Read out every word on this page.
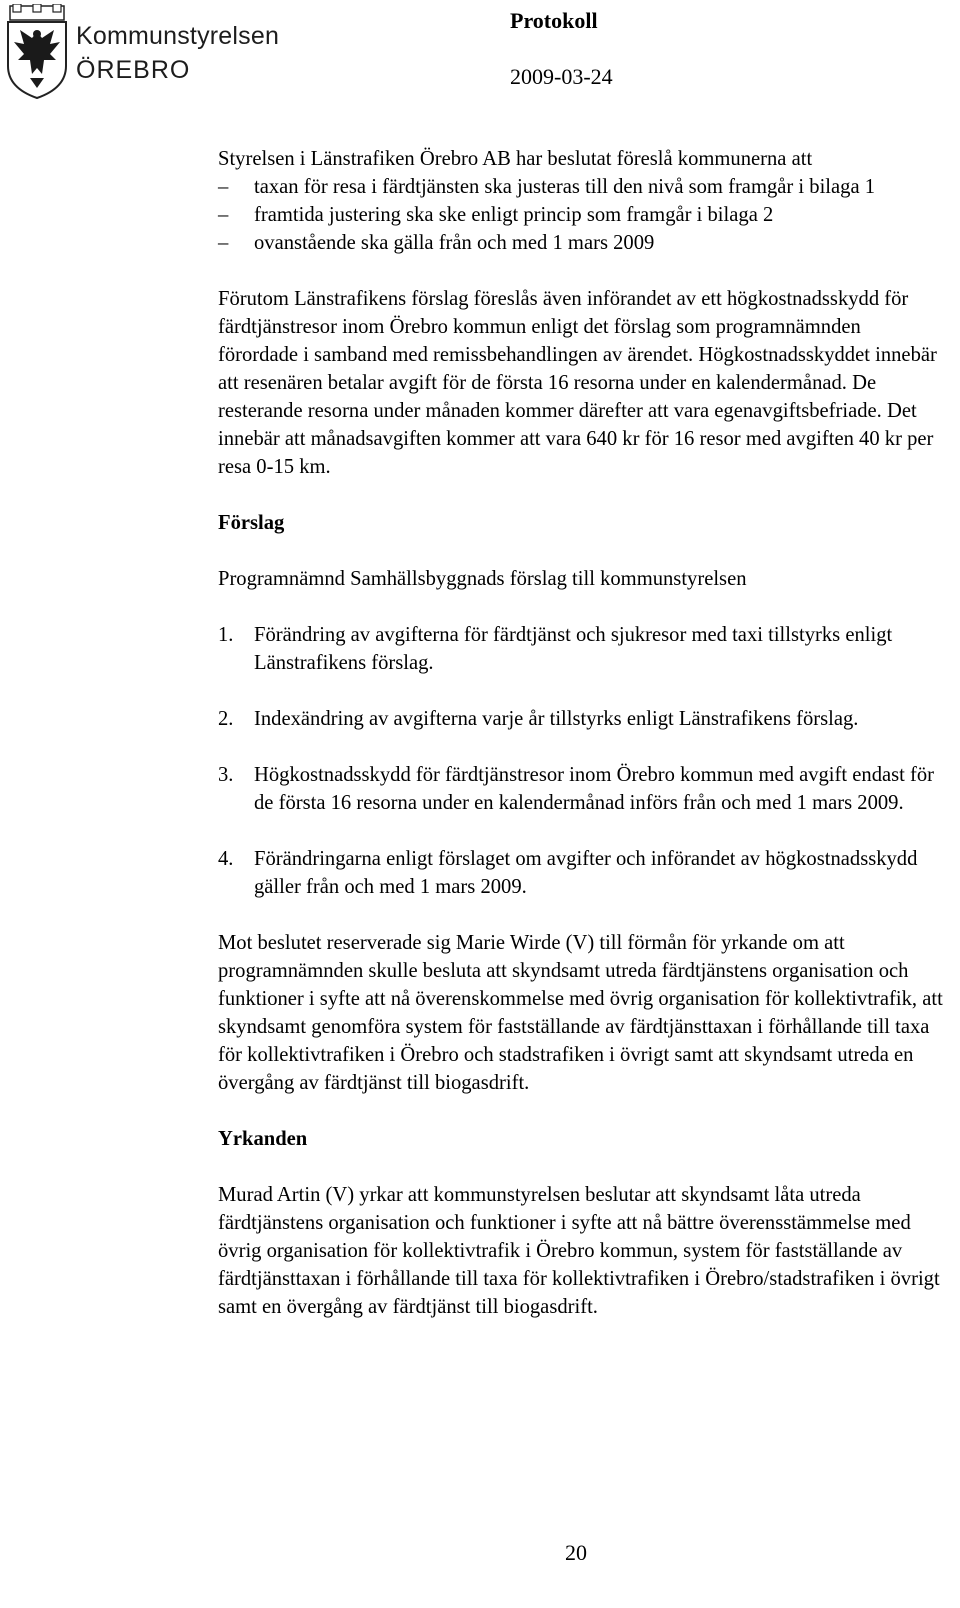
Kommunstyrelsen
ÖREBRO
Protokoll
2009-03-24
Styrelsen i Länstrafiken Örebro AB har beslutat föreslå kommunerna att
– taxan för resa i färdtjänsten ska justeras till den nivå som framgår i bilaga 1
– framtida justering ska ske enligt princip som framgår i bilaga 2
– ovanstående ska gälla från och med 1 mars 2009

Förutom Länstrafikens förslag föreslås även införandet av ett högkostnadsskydd för färdtjänstresor inom Örebro kommun enligt det förslag som programnämnden förordade i samband med remissbehandlingen av ärendet. Högkostnadsskyddet innebär att resenären betalar avgift för de första 16 resorna under en kalendermånad. De resterande resorna under månaden kommer därefter att vara egenavgiftsbefriade. Det innebär att månadsavgiften kommer att vara 640 kr för 16 resor med avgiften 40 kr per resa 0-15 km.

Förslag

Programnämnd Samhällsbyggnads förslag till kommunstyrelsen

1. Förändring av avgifterna för färdtjänst och sjukresor med taxi tillstyrks enligt Länstrafikens förslag.
2. Indexändring av avgifterna varje år tillstyrks enligt Länstrafikens förslag.
3. Högkostnadsskydd för färdtjänstresor inom Örebro kommun med avgift endast för de första 16 resorna under en kalendermånad införs från och med 1 mars 2009.
4. Förändringarna enligt förslaget om avgifter och införandet av högkostnadsskydd gäller från och med 1 mars 2009.

Mot beslutet reserverade sig Marie Wirde (V) till förmån för yrkande om att programnämnden skulle besluta att skyndsamt utreda färdtjänstens organisation och funktioner i syfte att nå överenskommelse med övrig organisation för kollektivtrafik, att skyndsamt genomföra system för fastställande av färdtjänsttaxan i förhållande till taxa för kollektivtrafiken i Örebro och stadstrafiken i övrigt samt att skyndsamt utreda en övergång av färdtjänst till biogasdrift.

Yrkanden

Murad Artin (V) yrkar att kommunstyrelsen beslutar att skyndsamt låta utreda färdtjänstens organisation och funktioner i syfte att nå bättre överensstämmelse med övrig organisation för kollektivtrafik i Örebro kommun, system för fastställande av färdtjänsttaxan i förhållande till taxa för kollektivtrafiken i Örebro/stadstrafiken i övrigt samt en övergång av färdtjänst till biogasdrift.

20
